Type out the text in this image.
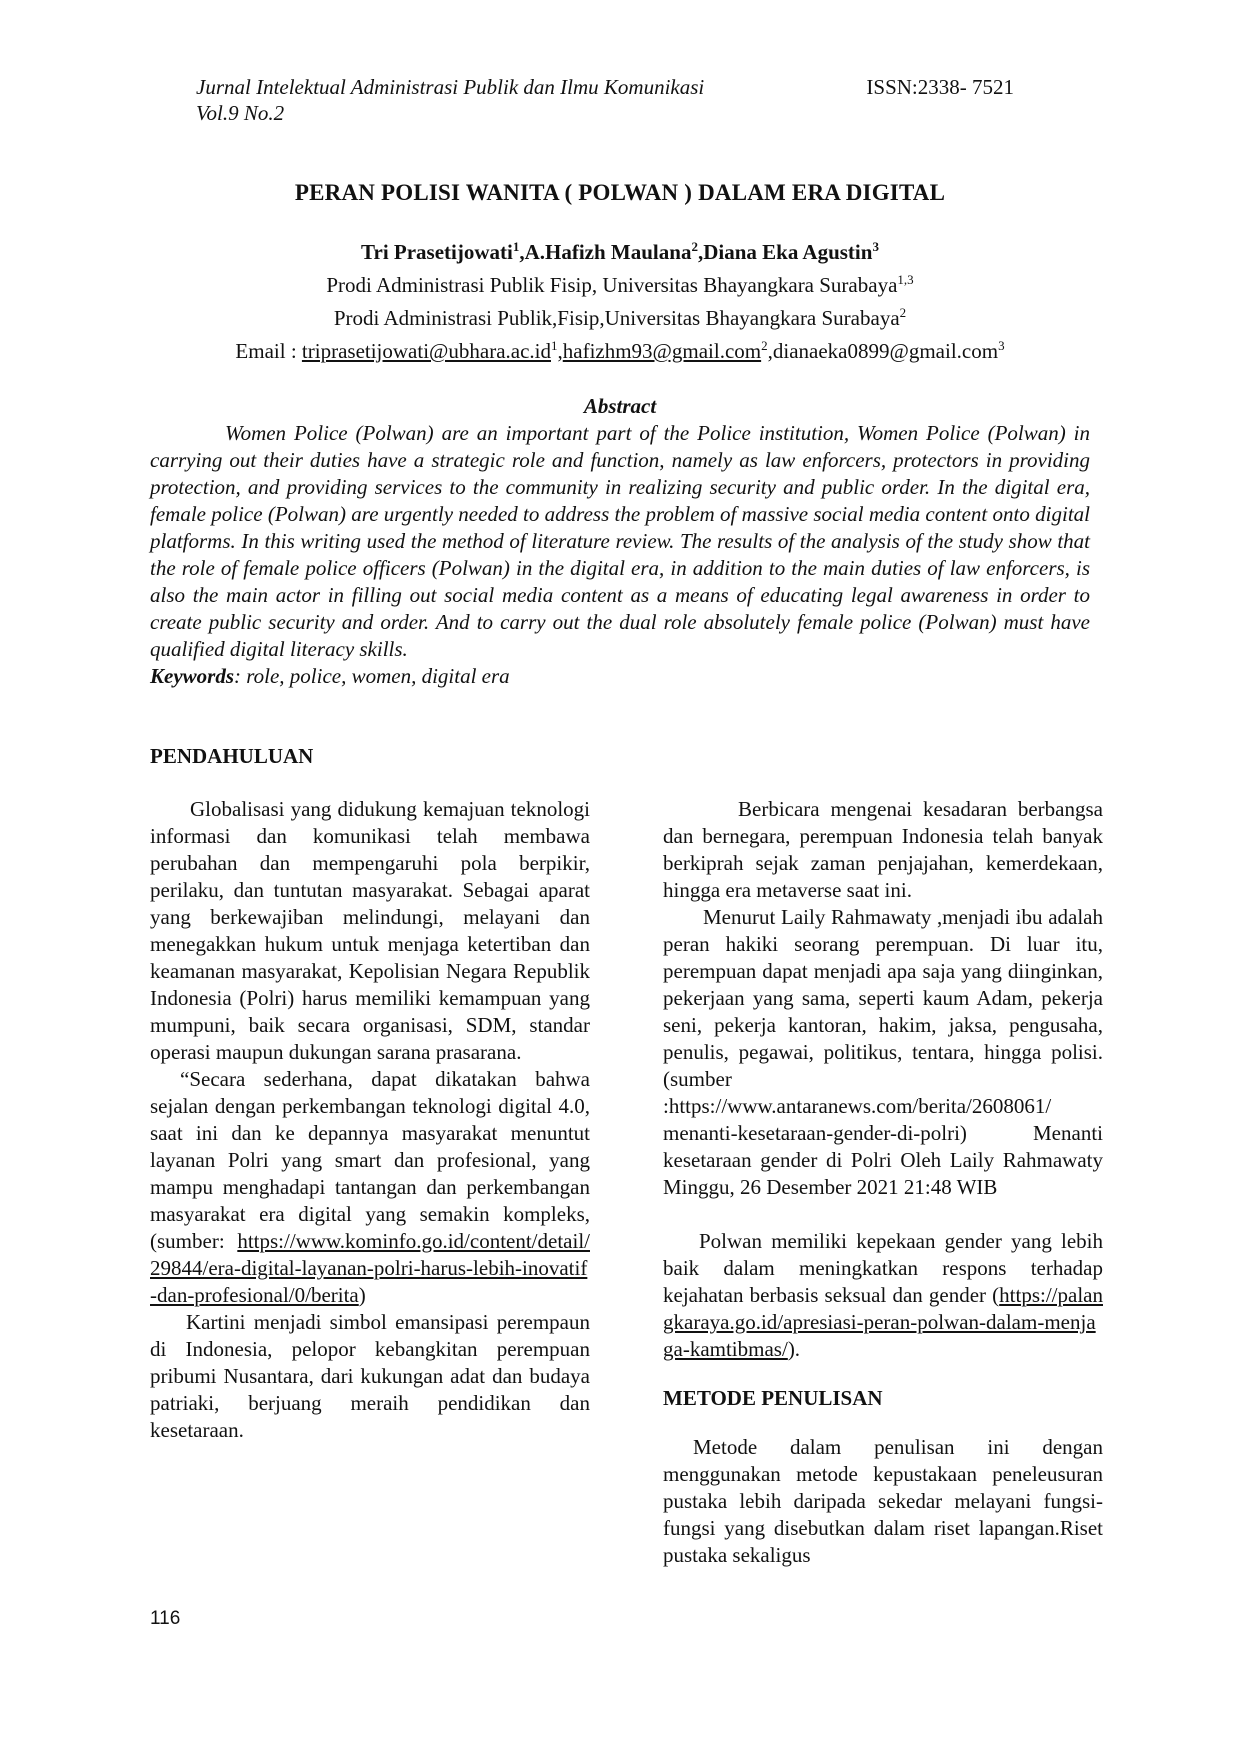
Jurnal Intelektual Administrasi Publik dan Ilmu Komunikasi	ISSN:2338- 7521
Vol.9 No.2
PERAN POLISI WANITA ( POLWAN ) DALAM ERA DIGITAL
Tri Prasetijowati$^1$,A.Hafizh Maulana$^2$,Diana Eka Agustin$^3$
Prodi Administrasi Publik Fisip, Universitas Bhayangkara Surabaya$^{1,3}$
Prodi Administrasi Publik,Fisip,Universitas Bhayangkara Surabaya$^2$
Email : $triprasetijowati@ubhara.ac.id^1,hafizhm93@gmail.com^2,dianaeka0899@gmail.com^3$
Abstract

Women Police (Polwan) are an important part of the Police institution, Women Police (Polwan) in carrying out their duties have a strategic role and function, namely as law enforcers, protectors in providing protection, and providing services to the community in realizing security and public order. In the digital era, female police (Polwan) are urgently needed to address the problem of massive social media content onto digital platforms. In this writing used the method of literature review. The results of the analysis of the study show that the role of female police officers (Polwan) in the digital era, in addition to the main duties of law enforcers, is also the main actor in filling out social media content as a means of educating legal awareness in order to create public security and order. And to carry out the dual role absolutely female police (Polwan) must have qualified digital literacy skills.

Keywords: role, police, women, digital era

PENDAHULUAN

Globalisasi yang didukung kemajuan teknologi informasi dan komunikasi telah membawa perubahan dan mempengaruhi pola berpikir, perilaku, dan tuntutan masyarakat. Sebagai aparat yang berkewajiban melindungi, melayani dan menegakkan hukum untuk menjaga ketertiban dan keamanan masyarakat, Kepolisian Negara Republik Indonesia (Polri) harus memiliki kemampuan yang mumpuni, baik secara organisasi, SDM, standar operasi maupun dukungan sarana prasarana.

“Secara sederhana, dapat dikatakan bahwa sejalan dengan perkembangan teknologi digital 4.0, saat ini dan ke depannya masyarakat menuntut layanan Polri yang smart dan profesional, yang mampu menghadapi tantangan dan perkembangan masyarakat era digital yang semakin kompleks, (sumber: https://www.kominfo.go.id/content/detail/29844/era-digital-layanan-polri-harus-lebih-inovatif-dan-profesional/0/berita)

Kartini menjadi simbol emansipasi perempaun di Indonesia, pelopor kebangkitan perempuan pribumi Nusantara, dari kukungan adat dan budaya patriaki, berjuang meraih pendidikan dan kesetaraan.

Berbicara mengenai kesadaran berbangsa dan bernegara, perempuan Indonesia telah banyak berkiprah sejak zaman penjajahan, kemerdekaan, hingga era metaverse saat ini.

Menurut Laily Rahmawaty ,menjadi ibu adalah peran hakiki seorang perempuan. Di luar itu, perempuan dapat menjadi apa saja yang diinginkan, pekerjaan yang sama, seperti kaum Adam, pekerja seni, pekerja kantoran, hakim, jaksa, pengusaha, penulis, pegawai, politikus, tentara, hingga polisi. (sumber :https://www.antaranews.com/berita/2608061/ menanti-kesetaraan-gender-di-polri) Menanti kesetaraan gender di Polri Oleh Laily Rahmawaty Minggu, 26 Desember 2021 21:48 WIB

Polwan memiliki kepekaan gender yang lebih baik dalam meningkatkan respons terhadap kejahatan berbasis seksual dan gender (https://palangkaraya.go.id/apresiasi-peran-polwan-dalam-menjaga-kamtibmas/).

METODE PENULISAN

Metode dalam penulisan ini dengan menggunakan metode kepustakaan peneleusuran pustaka lebih daripada sekedar melayani fungsi-fungsi yang disebutkan dalam riset lapangan.Riset pustaka sekaligus

116
